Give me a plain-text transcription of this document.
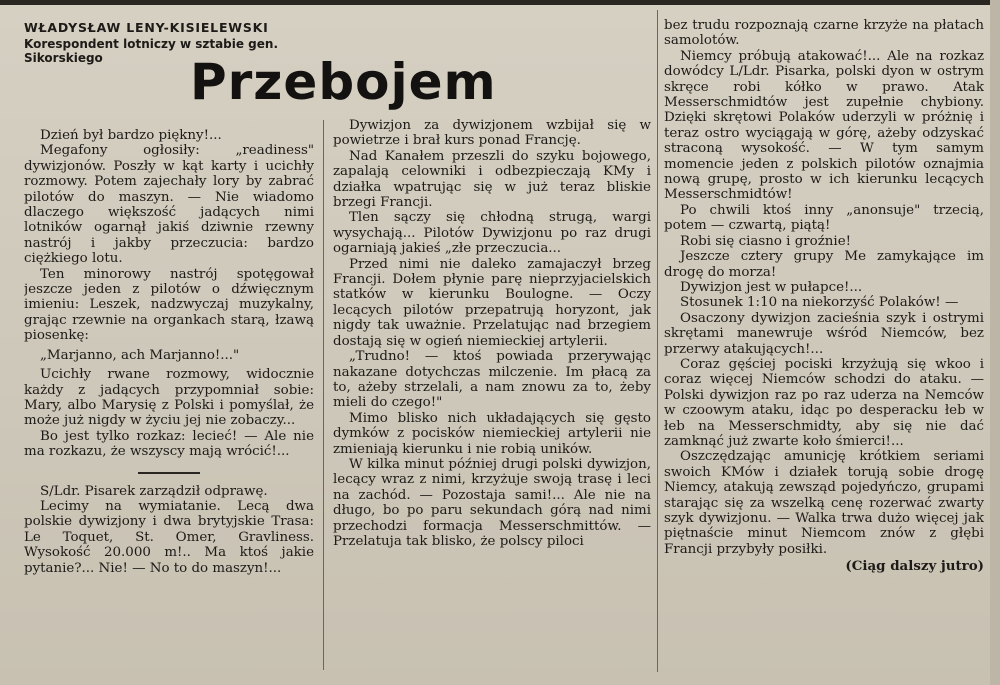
WŁADYSŁAW LENY-KISIELEWSKI
Korespondent lotniczy w sztabie gen. Sikorskiego	Przebojem

Dzień był bardzo piękny!...

Megafony ogłosiły: „readiness" dywizjonów. Poszły w kąt karty i ucichły rozmowy. Potem zajechały lory by zabrać pilotów do maszyn. — Nie wiadomo dlaczego większość jadących nimi lotników ogarnął jakiś dziwnie rzewny nastrój i jakby przeczucia: bardzo ciężkiego lotu.

Ten minorowy nastrój spotęgował jeszcze jeden z pilotów o dźwięcznym imieniu: Leszek, nadzwyczaj muzykalny, grając rzewnie na organkach starą, łzawą piosenkę:

„Marjanno, ach Marjanno!..."

Ucichły rwane rozmowy, widocznie każdy z jadących przypomniał sobie: Mary, albo Marysię z Polski i pomyślał, że może już nigdy w życiu jej nie zobaczy...

Bo jest tylko rozkaz: lecieć! — Ale nie ma rozkazu, że wszyscy mają wrócić!...

S/Ldr. Pisarek zarządził odprawę.

Lecimy na wymiatanie. Lecą dwa polskie dywizjony i dwa brytyjskie Trasa: Le Toquet, St. Omer, Gravliness. Wysokość 20.000 m!.. Ma ktoś jakie pytanie?... Nie! — No to do maszyn!...

Dywizjon za dywizjonem wzbijał się w powietrze i brał kurs ponad Francję.

Nad Kanałem przeszli do szyku bojowego, zapalają celowniki i odbezpieczają KMy i działka wpatrując się w już teraz bliskie brzegi Francji.

Tlen sączy się chłodną strugą, wargi wysychają... Pilotów Dywizjonu po raz drugi ogarniają jakieś „złe przeczucia...

Przed nimi nie daleko zamajaczył brzeg Francji. Dołem płynie parę nieprzyjacielskich statków w kierunku Boulogne. — Oczy lecących pilotów przepatrują horyzont, jak nigdy tak uważnie. Przelatując nad brzegiem dostają się w ogień niemieckiej artylerii.

„Trudno! — ktoś powiada przerywając nakazane dotychczas milczenie. Im płacą za to, ażeby strzelali, a nam znowu za to, żeby mieli do czego!"

Mimo blisko nich układających się gęsto dymków z pocisków niemieckiej artylerii nie zmieniają kierunku i nie robią uników.

W kilka minut później drugi polski dywizjon, lecący wraz z nimi, krzyżuje swoją trasę i leci na zachód. — Pozostaja sami!... Ale nie na długo, bo po paru sekundach górą nad nimi przechodzi formacja Messerschmittów. — Przelatuja tak blisko, że polscy piloci

bez trudu rozpoznają czarne krzyże na płatach samolotów.

Niemcy próbują atakować!... Ale na rozkaz dowódcy L/Ldr. Pisarka, polski dyon w ostrym skręce robi kółko w prawo. Atak Messerschmidtów jest zupełnie chybiony. Dzięki skrętowi Polaków uderzyli w próżnię i teraz ostro wyciągają w górę, ażeby odzyskać straconą wysokość. — W tym samym momencie jeden z polskich pilotów oznajmia nową grupę, prosto w ich kierunku lecących Messerschmidtów!

Po chwili ktoś inny „anonsuje" trzecią, potem — czwartą, piątą!

Robi się ciasno i groźnie!

Jeszcze cztery grupy Me zamykające im drogę do morza!

Dywizjon jest w pułapce!...

Stosunek 1:10 na niekorzyść Polaków! —

Osaczony dywizjon zacieśnia szyk i ostrymi skrętami manewruje wśród Niemców, bez przerwy atakujących!...

Coraz gęściej pociski krzyżują się wkoo i coraz więcej Niemców schodzi do ataku. — Polski dywizjon raz po raz uderza na Nemców w czoowym ataku, idąc po desperacku łeb w łeb na Messerschmidty, aby się nie dać zamknąć już zwarte koło śmierci!...

Oszczędzając amunicję krótkiem seriami swoich KMów i działek torują sobie drogę Niemcy, atakują zewsząd pojedyńczo, grupami starając się za wszelką cenę rozerwać zwarty szyk dywizjonu. — Walka trwa dużo więcej jak piętnaście minut Niemcom znów z głębi Francji przybyły posiłki.

(Ciąg dalszy jutro)
